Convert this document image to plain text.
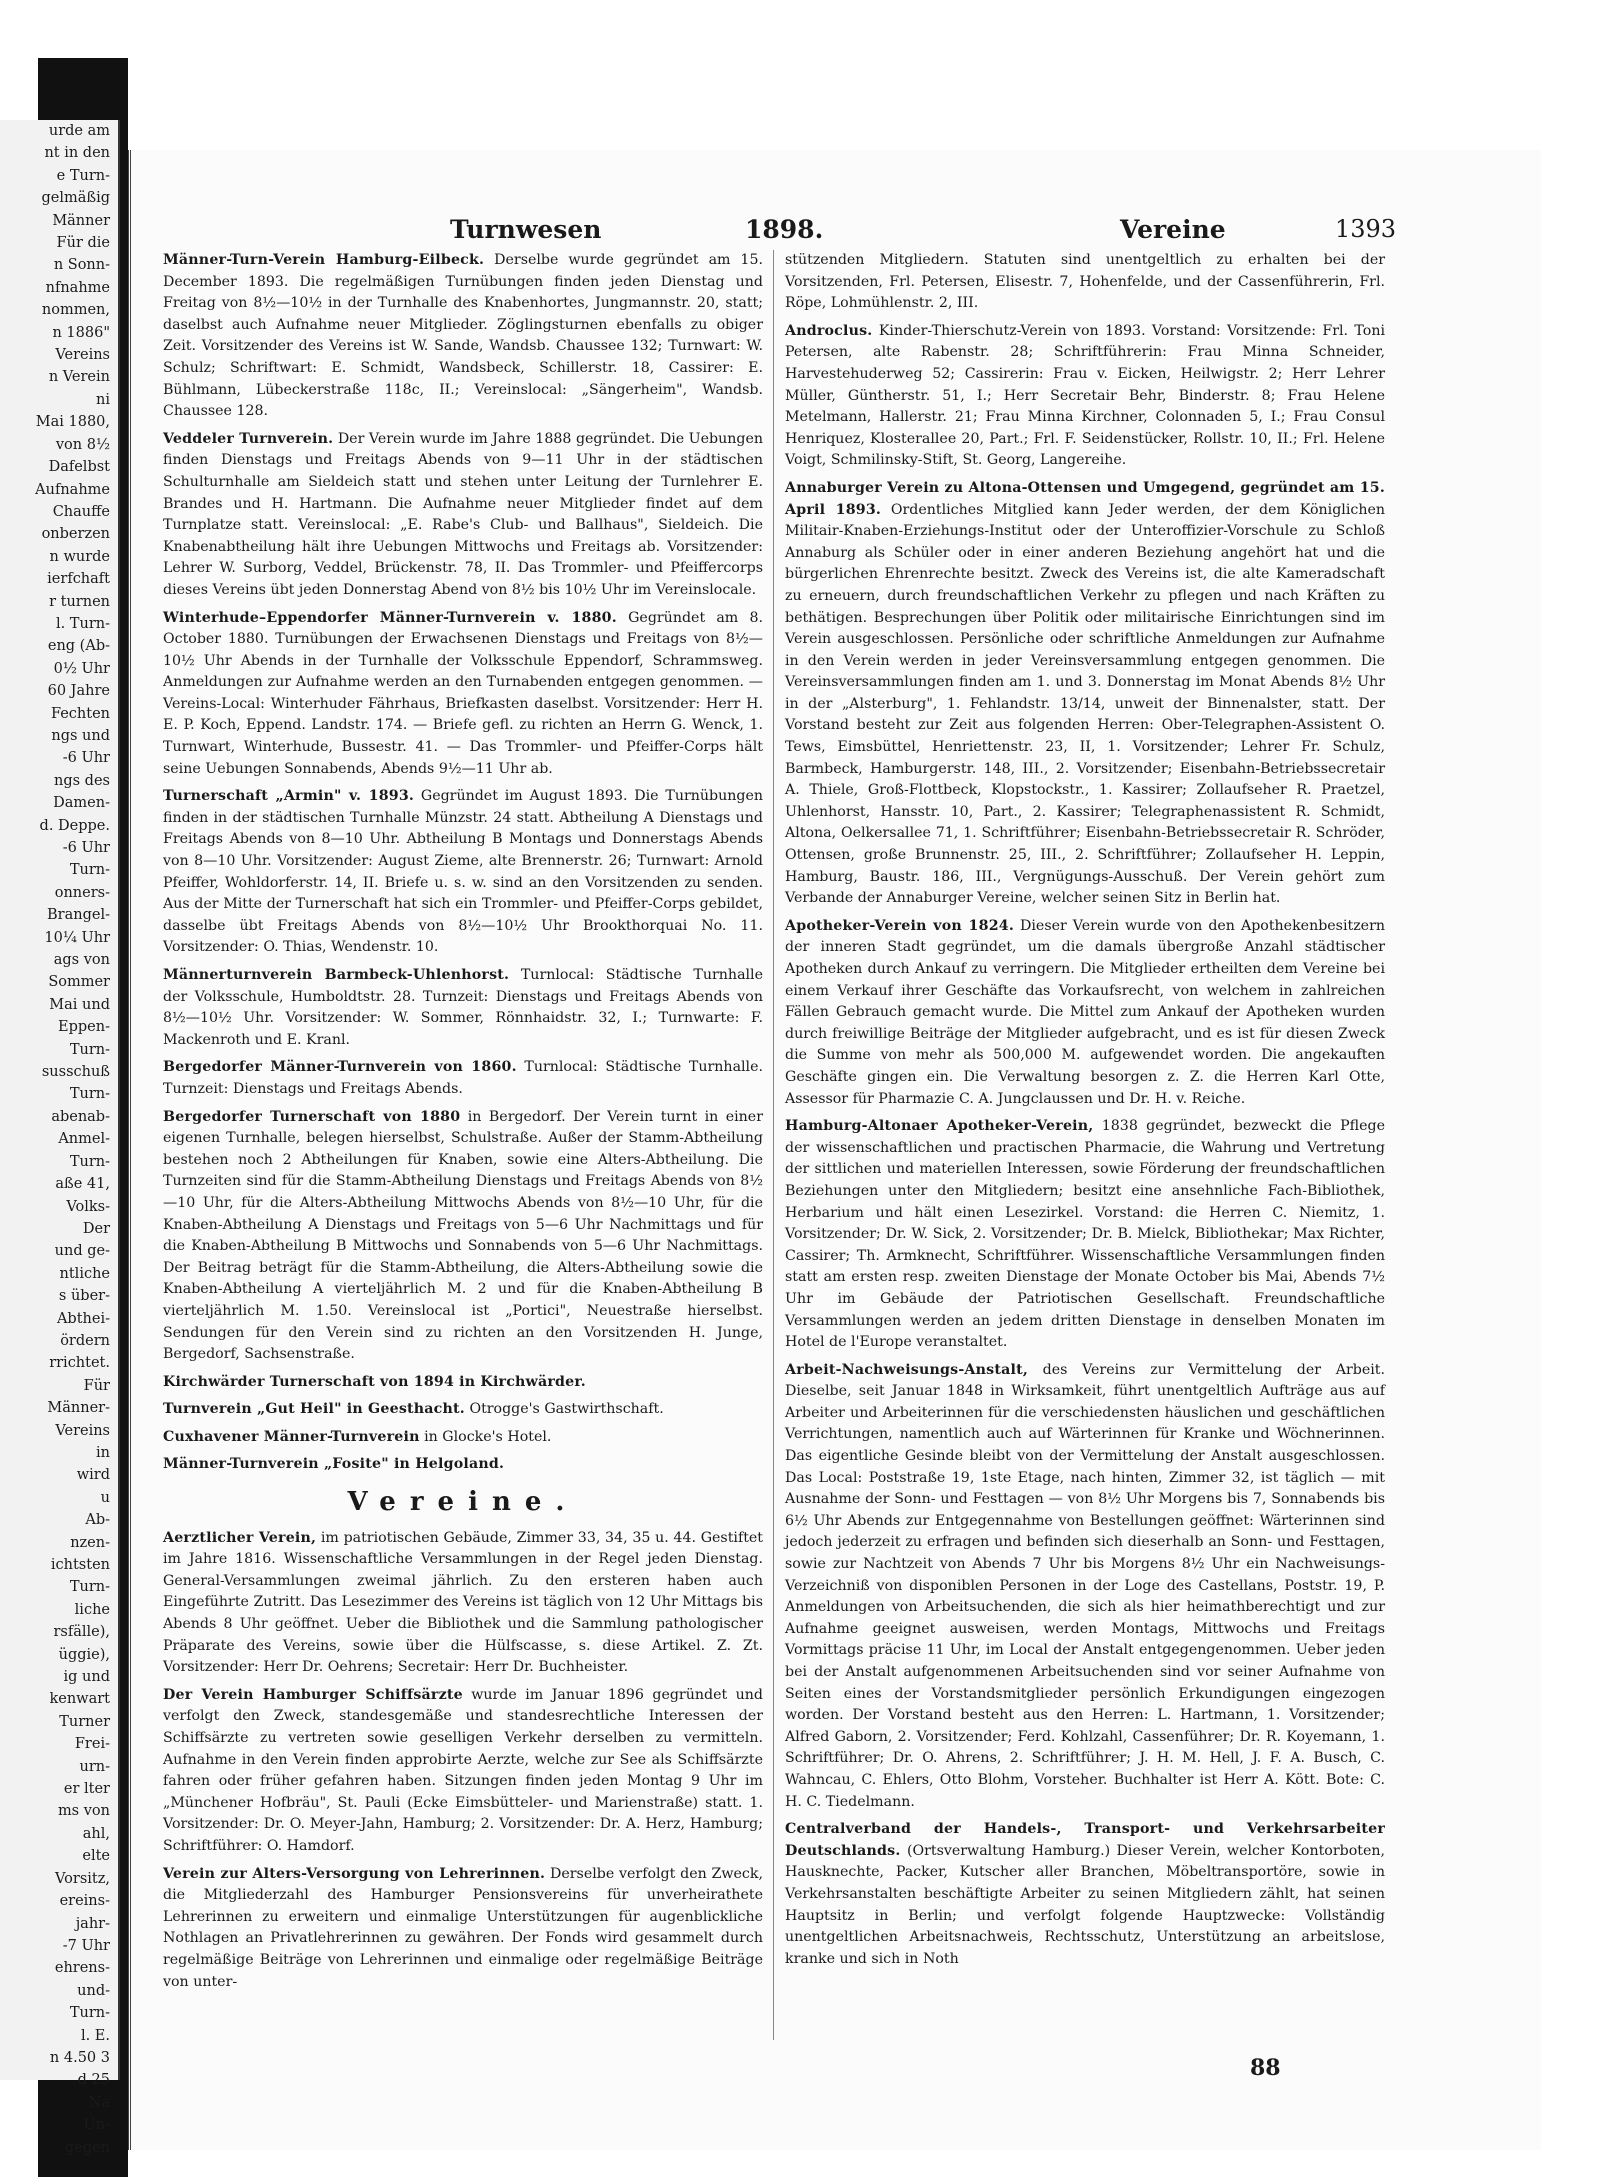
urde am
nt in den
e Turn-
gelmäßig
Männer
Für die
n Sonn-
nfnahme
nommen,
n 1886"
Vereins
n Verein
ni
Mai 1880,
von 8½
Dafelbst
Aufnahme
Chauffe
onberzen
n wurde
ierfchaft
r turnen
l. Turn-
eng (Ab-
0½ Uhr
60 Jahre
Fechten
ngs und
-6 Uhr
ngs des
Damen-
d. Deppe.
-6 Uhr
Turn-
onners-
Brangel-
10¼ Uhr
ags von
Sommer
Mai und
Eppen-
Turn-
susschuß
Turn-
abenab-
Anmel-
Turn-
aße 41,
Volks-
Der
und ge-
ntliche
s über-
Abthei-
ördern
rrichtet.
Für
Männer-
Vereins
in
wird
u
Ab-
nzen-
ichtsten
Turn-
liche
rsfälle),
üggie),
ig und
kenwart
Turner
Frei-
urn-
er lter
ms von
ahl,
elte
Vorsitz,
ereins-
jahr-
-7 Uhr
ehrens-
und-
Turn-
l. E.
n 4.50 3
d 25
Na
Un-
gegen
Turnwesen	1898.	Vereine	1393

Männer-Turn-Verein Hamburg-Eilbeck. Derselbe wurde gegründet am 15. December 1893. Die regelmäßigen Turnübungen finden jeden Dienstag und Freitag von 8½—10½ in der Turnhalle des Knabenhortes, Jungmannstr. 20, statt; daselbst auch Aufnahme neuer Mitglieder. Zöglingsturnen ebenfalls zu obiger Zeit. Vorsitzender des Vereins ist W. Sande, Wandsb. Chaussee 132; Turnwart: W. Schulz; Schriftwart: E. Schmidt, Wandsbeck, Schillerstr. 18, Cassirer: E. Bühlmann, Lübeckerstraße 118c, II.; Vereinslocal: „Sängerheim", Wandsb. Chaussee 128.

Veddeler Turnverein. Der Verein wurde im Jahre 1888 gegründet. Die Uebungen finden Dienstags und Freitags Abends von 9—11 Uhr in der städtischen Schulturnhalle am Sieldeich statt und stehen unter Leitung der Turnlehrer E. Brandes und H. Hartmann. Die Aufnahme neuer Mitglieder findet auf dem Turnplatze statt. Vereinslocal: „E. Rabe's Club- und Ballhaus", Sieldeich. Die Knabenabtheilung hält ihre Uebungen Mittwochs und Freitags ab. Vorsitzender: Lehrer W. Surborg, Veddel, Brückenstr. 78, II. Das Trommler- und Pfeiffercorps dieses Vereins übt jeden Donnerstag Abend von 8½ bis 10½ Uhr im Vereinslocale.

Winterhude–Eppendorfer Männer-Turnverein v. 1880. Gegründet am 8. October 1880. Turnübungen der Erwachsenen Dienstags und Freitags von 8½—10½ Uhr Abends in der Turnhalle der Volksschule Eppendorf, Schrammsweg. Anmeldungen zur Aufnahme werden an den Turnabenden entgegen genommen. — Vereins-Local: Winterhuder Fährhaus, Briefkasten daselbst. Vorsitzender: Herr H. E. P. Koch, Eppend. Landstr. 174. — Briefe gefl. zu richten an Herrn G. Wenck, 1. Turnwart, Winterhude, Bussestr. 41. — Das Trommler- und Pfeiffer-Corps hält seine Uebungen Sonnabends, Abends 9½—11 Uhr ab.

Turnerschaft „Armin" v. 1893. Gegründet im August 1893. Die Turnübungen finden in der städtischen Turnhalle Münzstr. 24 statt. Abtheilung A Dienstags und Freitags Abends von 8—10 Uhr. Abtheilung B Montags und Donnerstags Abends von 8—10 Uhr. Vorsitzender: August Zieme, alte Brennerstr. 26; Turnwart: Arnold Pfeiffer, Wohldorferstr. 14, II. Briefe u. s. w. sind an den Vorsitzenden zu senden. Aus der Mitte der Turnerschaft hat sich ein Trommler- und Pfeiffer-Corps gebildet, dasselbe übt Freitags Abends von 8½—10½ Uhr Brookthorquai No. 11. Vorsitzender: O. Thias, Wendenstr. 10.

Männerturnverein Barmbeck-Uhlenhorst. Turnlocal: Städtische Turnhalle der Volksschule, Humboldtstr. 28. Turnzeit: Dienstags und Freitags Abends von 8½—10½ Uhr. Vorsitzender: W. Sommer, Rönnhaidstr. 32, I.; Turnwarte: F. Mackenroth und E. Kranl.

Bergedorfer Männer-Turnverein von 1860. Turnlocal: Städtische Turnhalle. Turnzeit: Dienstags und Freitags Abends.

Bergedorfer Turnerschaft von 1880 in Bergedorf. Der Verein turnt in einer eigenen Turnhalle, belegen hierselbst, Schulstraße. Außer der Stamm-Abtheilung bestehen noch 2 Abtheilungen für Knaben, sowie eine Alters-Abtheilung. Die Turnzeiten sind für die Stamm-Abtheilung Dienstags und Freitags Abends von 8½—10 Uhr, für die Alters-Abtheilung Mittwochs Abends von 8½—10 Uhr, für die Knaben-Abtheilung A Dienstags und Freitags von 5—6 Uhr Nachmittags und für die Knaben-Abtheilung B Mittwochs und Sonnabends von 5—6 Uhr Nachmittags. Der Beitrag beträgt für die Stamm-Abtheilung, die Alters-Abtheilung sowie die Knaben-Abtheilung A vierteljährlich M. 2 und für die Knaben-Abtheilung B vierteljährlich M. 1.50. Vereinslocal ist „Portici", Neuestraße hierselbst. Sendungen für den Verein sind zu richten an den Vorsitzenden H. Junge, Bergedorf, Sachsenstraße.

Kirchwärder Turnerschaft von 1894 in Kirchwärder.

Turnverein „Gut Heil" in Geesthacht. Otrogge's Gastwirthschaft.

Cuxhavener Männer-Turnverein in Glocke's Hotel.

Männer-Turnverein „Fosite" in Helgoland.

Vereine.

Aerztlicher Verein, im patriotischen Gebäude, Zimmer 33, 34, 35 u. 44. Gestiftet im Jahre 1816. Wissenschaftliche Versammlungen in der Regel jeden Dienstag. General-Versammlungen zweimal jährlich. Zu den ersteren haben auch Eingeführte Zutritt. Das Lesezimmer des Vereins ist täglich von 12 Uhr Mittags bis Abends 8 Uhr geöffnet. Ueber die Bibliothek und die Sammlung pathologischer Präparate des Vereins, sowie über die Hülfscasse, s. diese Artikel. Z. Zt. Vorsitzender: Herr Dr. Oehrens; Secretair: Herr Dr. Buchheister.

Der Verein Hamburger Schiffsärzte wurde im Januar 1896 gegründet und verfolgt den Zweck, standesgemäße und standesrechtliche Interessen der Schiffsärzte zu vertreten sowie geselligen Verkehr derselben zu vermitteln. Aufnahme in den Verein finden approbirte Aerzte, welche zur See als Schiffsärzte fahren oder früher gefahren haben. Sitzungen finden jeden Montag 9 Uhr im „Münchener Hofbräu", St. Pauli (Ecke Eimsbütteler- und Marienstraße) statt. 1. Vorsitzender: Dr. O. Meyer-Jahn, Hamburg; 2. Vorsitzender: Dr. A. Herz, Hamburg; Schriftführer: O. Hamdorf.

Verein zur Alters-Versorgung von Lehrerinnen. Derselbe verfolgt den Zweck, die Mitgliederzahl des Hamburger Pensionsvereins für unverheirathete Lehrerinnen zu erweitern und einmalige Unterstützungen für augenblickliche Nothlagen an Privatlehrerinnen zu gewähren. Der Fonds wird gesammelt durch regelmäßige Beiträge von Lehrerinnen und einmalige oder regelmäßige Beiträge von unter-

stützenden Mitgliedern. Statuten sind unentgeltlich zu erhalten bei der Vorsitzenden, Frl. Petersen, Elisestr. 7, Hohenfelde, und der Cassenführerin, Frl. Röpe, Lohmühlenstr. 2, III.

Androclus. Kinder-Thierschutz-Verein von 1893. Vorstand: Vorsitzende: Frl. Toni Petersen, alte Rabenstr. 28; Schriftführerin: Frau Minna Schneider, Harvestehuderweg 52; Cassirerin: Frau v. Eicken, Heilwigstr. 2; Herr Lehrer Müller, Güntherstr. 51, I.; Herr Secretair Behr, Binderstr. 8; Frau Helene Metelmann, Hallerstr. 21; Frau Minna Kirchner, Colonnaden 5, I.; Frau Consul Henriquez, Klosterallee 20, Part.; Frl. F. Seidenstücker, Rollstr. 10, II.; Frl. Helene Voigt, Schmilinsky-Stift, St. Georg, Langereihe.

Annaburger Verein zu Altona-Ottensen und Umgegend, gegründet am 15. April 1893. Ordentliches Mitglied kann Jeder werden, der dem Königlichen Militair-Knaben-Erziehungs-Institut oder der Unteroffizier-Vorschule zu Schloß Annaburg als Schüler oder in einer anderen Beziehung angehört hat und die bürgerlichen Ehrenrechte besitzt. Zweck des Vereins ist, die alte Kameradschaft zu erneuern, durch freundschaftlichen Verkehr zu pflegen und nach Kräften zu bethätigen. Besprechungen über Politik oder militairische Einrichtungen sind im Verein ausgeschlossen. Persönliche oder schriftliche Anmeldungen zur Aufnahme in den Verein werden in jeder Vereinsversammlung entgegen genommen. Die Vereinsversammlungen finden am 1. und 3. Donnerstag im Monat Abends 8½ Uhr in der „Alsterburg", 1. Fehlandstr. 13/14, unweit der Binnenalster, statt. Der Vorstand besteht zur Zeit aus folgenden Herren: Ober-Telegraphen-Assistent O. Tews, Eimsbüttel, Henriettenstr. 23, II, 1. Vorsitzender; Lehrer Fr. Schulz, Barmbeck, Hamburgerstr. 148, III., 2. Vorsitzender; Eisenbahn-Betriebssecretair A. Thiele, Groß-Flottbeck, Klopstockstr., 1. Kassirer; Zollaufseher R. Praetzel, Uhlenhorst, Hansstr. 10, Part., 2. Kassirer; Telegraphenassistent R. Schmidt, Altona, Oelkersallee 71, 1. Schriftführer; Eisenbahn-Betriebssecretair R. Schröder, Ottensen, große Brunnenstr. 25, III., 2. Schriftführer; Zollaufseher H. Leppin, Hamburg, Baustr. 186, III., Vergnügungs-Ausschuß. Der Verein gehört zum Verbande der Annaburger Vereine, welcher seinen Sitz in Berlin hat.

Apotheker-Verein von 1824. Dieser Verein wurde von den Apothekenbesitzern der inneren Stadt gegründet, um die damals übergroße Anzahl städtischer Apotheken durch Ankauf zu verringern. Die Mitglieder ertheilten dem Vereine bei einem Verkauf ihrer Geschäfte das Vorkaufsrecht, von welchem in zahlreichen Fällen Gebrauch gemacht wurde. Die Mittel zum Ankauf der Apotheken wurden durch freiwillige Beiträge der Mitglieder aufgebracht, und es ist für diesen Zweck die Summe von mehr als 500,000 M. aufgewendet worden. Die angekauften Geschäfte gingen ein. Die Verwaltung besorgen z. Z. die Herren Karl Otte, Assessor für Pharmazie C. A. Jungclaussen und Dr. H. v. Reiche.

Hamburg-Altonaer Apotheker-Verein, 1838 gegründet, bezweckt die Pflege der wissenschaftlichen und practischen Pharmacie, die Wahrung und Vertretung der sittlichen und materiellen Interessen, sowie Förderung der freundschaftlichen Beziehungen unter den Mitgliedern; besitzt eine ansehnliche Fach-Bibliothek, Herbarium und hält einen Lesezirkel. Vorstand: die Herren C. Niemitz, 1. Vorsitzender; Dr. W. Sick, 2. Vorsitzender; Dr. B. Mielck, Bibliothekar; Max Richter, Cassirer; Th. Armknecht, Schriftführer. Wissenschaftliche Versammlungen finden statt am ersten resp. zweiten Dienstage der Monate October bis Mai, Abends 7½ Uhr im Gebäude der Patriotischen Gesellschaft. Freundschaftliche Versammlungen werden an jedem dritten Dienstage in denselben Monaten im Hotel de l'Europe veranstaltet.

Arbeit-Nachweisungs-Anstalt, des Vereins zur Vermittelung der Arbeit. Dieselbe, seit Januar 1848 in Wirksamkeit, führt unentgeltlich Aufträge aus auf Arbeiter und Arbeiterinnen für die verschiedensten häuslichen und geschäftlichen Verrichtungen, namentlich auch auf Wärterinnen für Kranke und Wöchnerinnen. Das eigentliche Gesinde bleibt von der Vermittelung der Anstalt ausgeschlossen. Das Local: Poststraße 19, 1ste Etage, nach hinten, Zimmer 32, ist täglich — mit Ausnahme der Sonn- und Festtagen — von 8½ Uhr Morgens bis 7, Sonnabends bis 6½ Uhr Abends zur Entgegennahme von Bestellungen geöffnet: Wärterinnen sind jedoch jederzeit zu erfragen und befinden sich dieserhalb an Sonn- und Festtagen, sowie zur Nachtzeit von Abends 7 Uhr bis Morgens 8½ Uhr ein Nachweisungs-Verzeichniß von disponiblen Personen in der Loge des Castellans, Poststr. 19, P. Anmeldungen von Arbeitsuchenden, die sich als hier heimathberechtigt und zur Aufnahme geeignet ausweisen, werden Montags, Mittwochs und Freitags Vormittags präcise 11 Uhr, im Local der Anstalt entgegengenommen. Ueber jeden bei der Anstalt aufgenommenen Arbeitsuchenden sind vor seiner Aufnahme von Seiten eines der Vorstandsmitglieder persönlich Erkundigungen eingezogen worden. Der Vorstand besteht aus den Herren: L. Hartmann, 1. Vorsitzender; Alfred Gaborn, 2. Vorsitzender; Ferd. Kohlzahl, Cassenführer; Dr. R. Koyemann, 1. Schriftführer; Dr. O. Ahrens, 2. Schriftführer; J. H. M. Hell, J. F. A. Busch, C. Wahncau, C. Ehlers, Otto Blohm, Vorsteher. Buchhalter ist Herr A. Kött. Bote: C. H. C. Tiedelmann.

Centralverband der Handels-, Transport- und Verkehrsarbeiter Deutschlands. (Ortsverwaltung Hamburg.) Dieser Verein, welcher Kontorboten, Hausknechte, Packer, Kutscher aller Branchen, Möbeltransportöre, sowie in Verkehrsanstalten beschäftigte Arbeiter zu seinen Mitgliedern zählt, hat seinen Hauptsitz in Berlin; und verfolgt folgende Hauptzwecke: Vollständig unentgeltlichen Arbeitsnachweis, Rechtsschutz, Unterstützung an arbeitslose, kranke und sich in Noth

88
